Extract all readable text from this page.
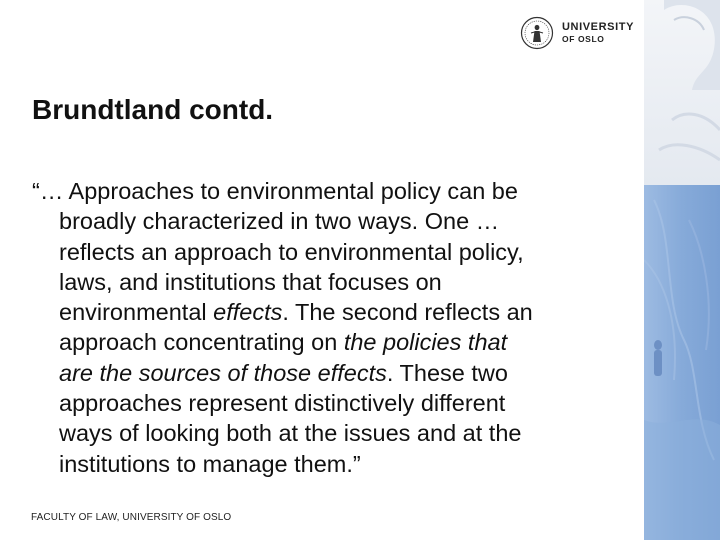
UNIVERSITY
OF OSLO
Brundtland contd.

“… Approaches to environmental policy can be
broadly characterized in two ways. One …
reflects an approach to environmental policy,
laws, and institutions that focuses on
environmental effects. The second reflects an
approach concentrating on the policies that
are the sources of those effects. These two
approaches represent distinctively different
ways of looking both at the issues and at the
institutions to manage them.”

FACULTY OF LAW, UNIVERSITY OF OSLO
